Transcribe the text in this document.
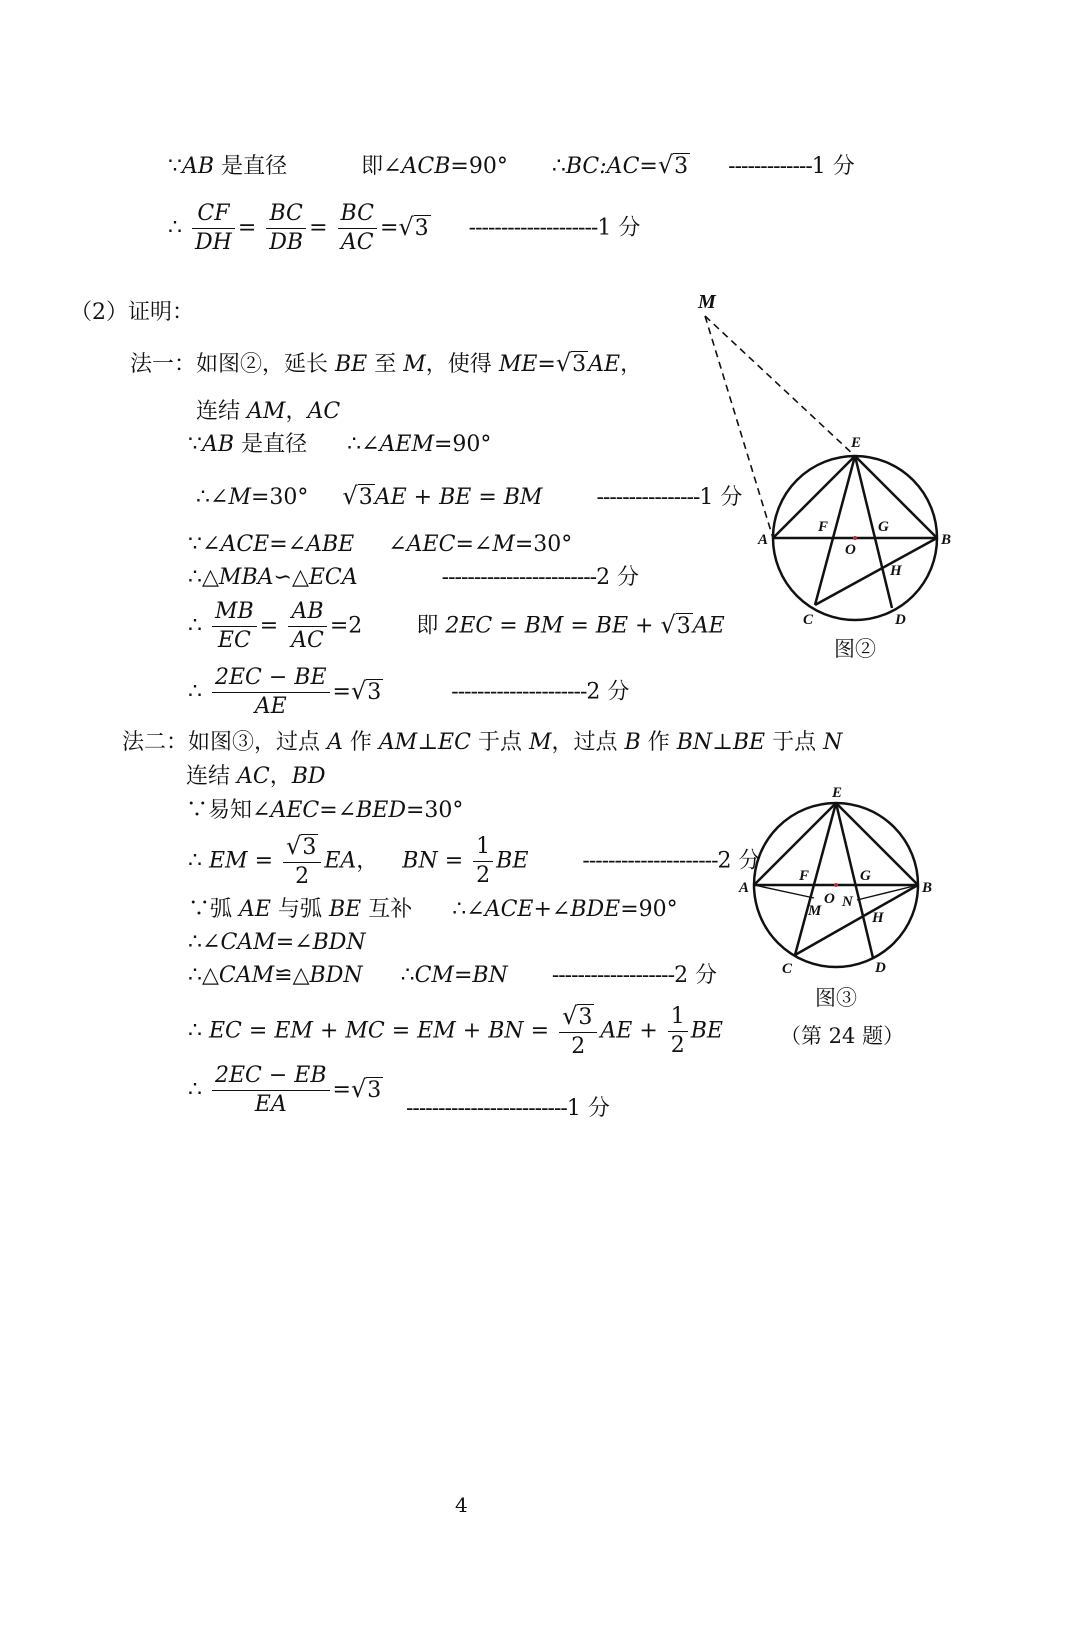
∵AB 是直径	即∠ACB=90° ∴BC:AC=√3 -------------1 分
∴ $\frac{CF}{DH} = \frac{BC}{DB} = \frac{BC}{AC} =√3$ --------------------1 分
（2）证明：
法一：如图②，延长 BE 至 M，使得 ME=√3AE，
连结 AM，AC
∵AB 是直径 ∴∠AEM=90°
∴∠M=30° √3AE + BE = BM ----------------1 分
∵∠ACE=∠ABE ∠AEC=∠M=30°
∴△MBA∽△ECA	------------------------2 分
∴ $\frac{MB}{EC} = \frac{AB}{AC} =2$ 即 2EC = BM = BE + √3AE
∴ $\frac{2EC - BE}{AE} =√3$	---------------------2 分
法二：如图③，过点 A 作 AM⊥EC 于点 M，过点 B 作 BN⊥BE 于点 N
连结 AC，BD
∵易知∠AEC=∠BED=30°
∴ EM = $\frac{√3}{2}$ EA， BN = $\frac{1}{2}$ BE ---------------------2 分
∵弧 AE 与弧 BE 互补 ∴∠ACE+∠BDE=90°
∴∠CAM=∠BDN
∴△CAM≌△BDN ∴CM=BN -------------------2 分
∴ EC = EM + MC = EM + BN = $\frac{√3}{2}$ AE + $\frac{1}{2}$ BE
∴ $\frac{2EC - EB}{EA} =√3$
-------------------------1 分
M
E
A	B
F	G
O
H
C	D
图②
E
A	B
F	G
O N
M	H
C	D
图③
（第 24 题）
4
